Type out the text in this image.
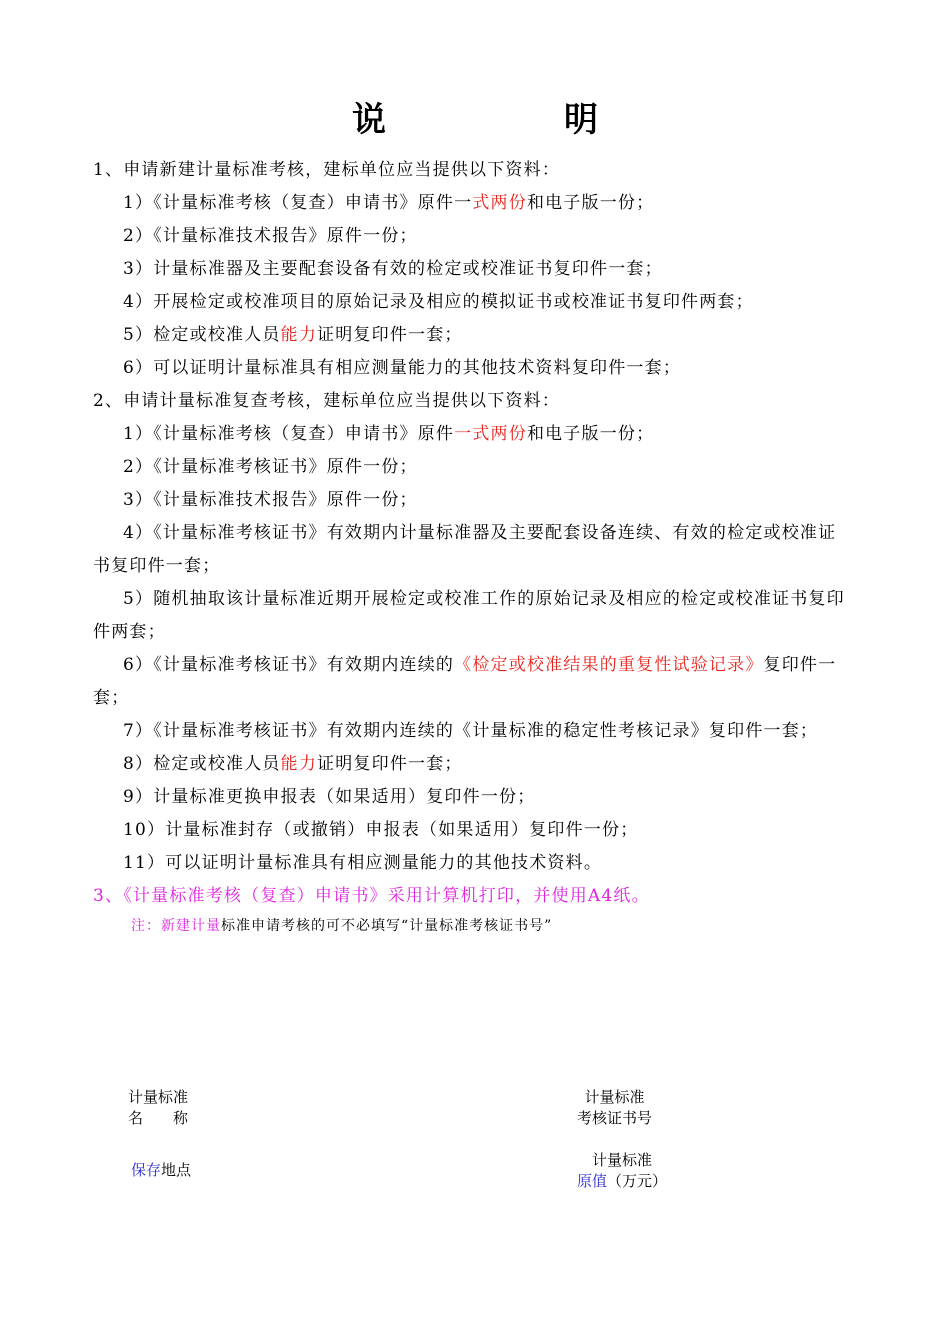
说　明
1、申请新建计量标准考核，建标单位应当提供以下资料：
1）《计量标准考核（复查）申请书》原件一式两份和电子版一份；
2）《计量标准技术报告》原件一份；
3）计量标准器及主要配套设备有效的检定或校准证书复印件一套；
4）开展检定或校准项目的原始记录及相应的模拟证书或校准证书复印件两套；
5）检定或校准人员能力证明复印件一套；
6）可以证明计量标准具有相应测量能力的其他技术资料复印件一套；
2、申请计量标准复查考核，建标单位应当提供以下资料：
1）《计量标准考核（复查）申请书》原件一式两份和电子版一份；
2）《计量标准考核证书》原件一份；
3）《计量标准技术报告》原件一份；
4）《计量标准考核证书》有效期内计量标准器及主要配套设备连续、有效的检定或校准证书复印件一套；
5）随机抽取该计量标准近期开展检定或校准工作的原始记录及相应的检定或校准证书复印件两套；
6）《计量标准考核证书》有效期内连续的《检定或校准结果的重复性试验记录》复印件一套；
7）《计量标准考核证书》有效期内连续的《计量标准的稳定性考核记录》复印件一套；
8）检定或校准人员能力证明复印件一套；
9）计量标准更换申报表（如果适用）复印件一份；
10）计量标准封存（或撤销）申报表（如果适用）复印件一份；
11）可以证明计量标准具有相应测量能力的其他技术资料。
3、《计量标准考核（复查）申请书》采用计算机打印，并使用A4纸。
注：新建计量标准申请考核的可不必填写“计量标准考核证书号”
计量标准
名　　称
计量标准
考核证书号
保存地点
计量标准
原值（万元）
